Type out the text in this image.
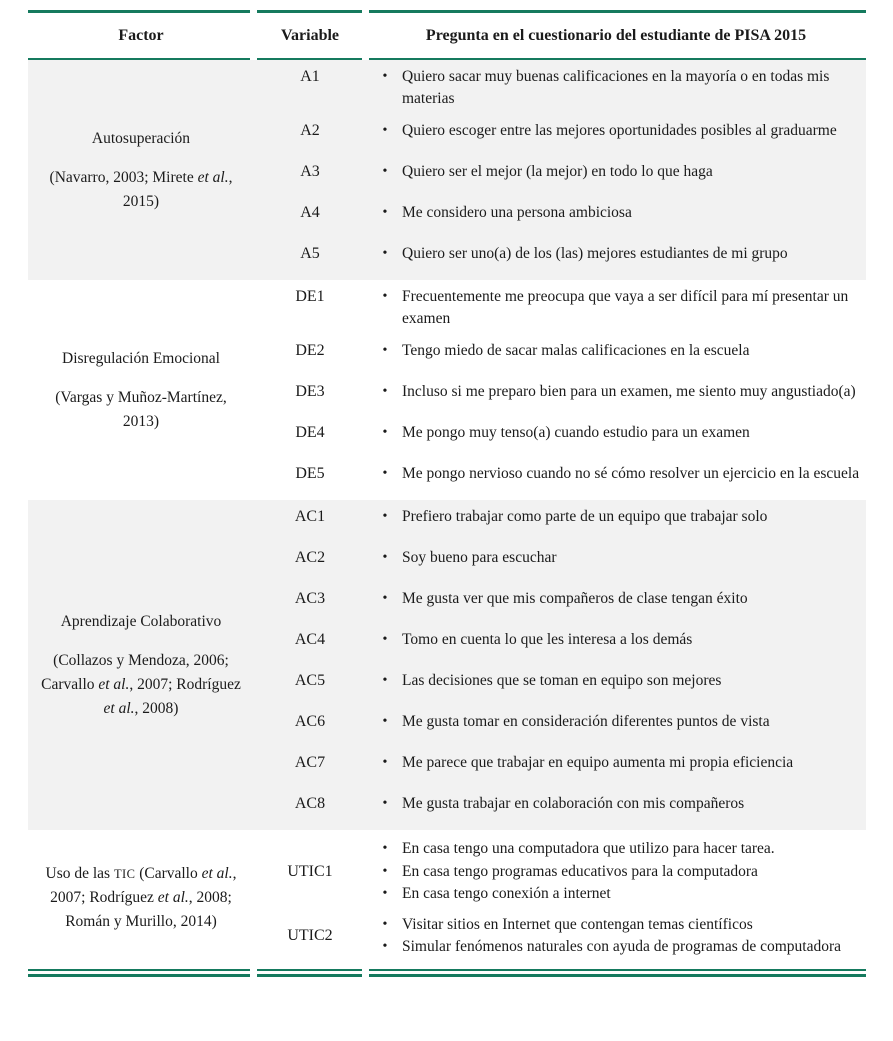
Factor	Variable	Pregunta en el cuestionario del estudiante de PISA 2015
Autosuperación
(Navarro, 2003; Mirete et al., 2015)
A1	• Quiero sacar muy buenas calificaciones en la mayoría o en todas mis materias
A2	• Quiero escoger entre las mejores oportunidades posibles al graduarme
A3	• Quiero ser el mejor (la mejor) en todo lo que haga
A4	• Me considero una persona ambiciosa
A5	• Quiero ser uno(a) de los (las) mejores estudiantes de mi grupo
Disregulación Emocional
(Vargas y Muñoz-Martínez, 2013)
DE1	• Frecuentemente me preocupa que vaya a ser difícil para mí presentar un examen
DE2	• Tengo miedo de sacar malas calificaciones en la escuela
DE3	• Incluso si me preparo bien para un examen, me siento muy angustiado(a)
DE4	• Me pongo muy tenso(a) cuando estudio para un examen
DE5	• Me pongo nervioso cuando no sé cómo resolver un ejercicio en la escuela
Aprendizaje Colaborativo
(Collazos y Mendoza, 2006; Carvallo et al., 2007; Rodríguez et al., 2008)
AC1	• Prefiero trabajar como parte de un equipo que trabajar solo
AC2	• Soy bueno para escuchar
AC3	• Me gusta ver que mis compañeros de clase tengan éxito
AC4	• Tomo en cuenta lo que les interesa a los demás
AC5	• Las decisiones que se toman en equipo son mejores
AC6	• Me gusta tomar en consideración diferentes puntos de vista
AC7	• Me parece que trabajar en equipo aumenta mi propia eficiencia
AC8	• Me gusta trabajar en colaboración con mis compañeros
Uso de las TIC (Carvallo et al., 2007; Rodríguez et al., 2008; Román y Murillo, 2014)
UTIC1
• En casa tengo una computadora que utilizo para hacer tarea.
• En casa tengo programas educativos para la computadora
• En casa tengo conexión a internet
UTIC2
• Visitar sitios en Internet que contengan temas científicos
• Simular fenómenos naturales con ayuda de programas de computadora
